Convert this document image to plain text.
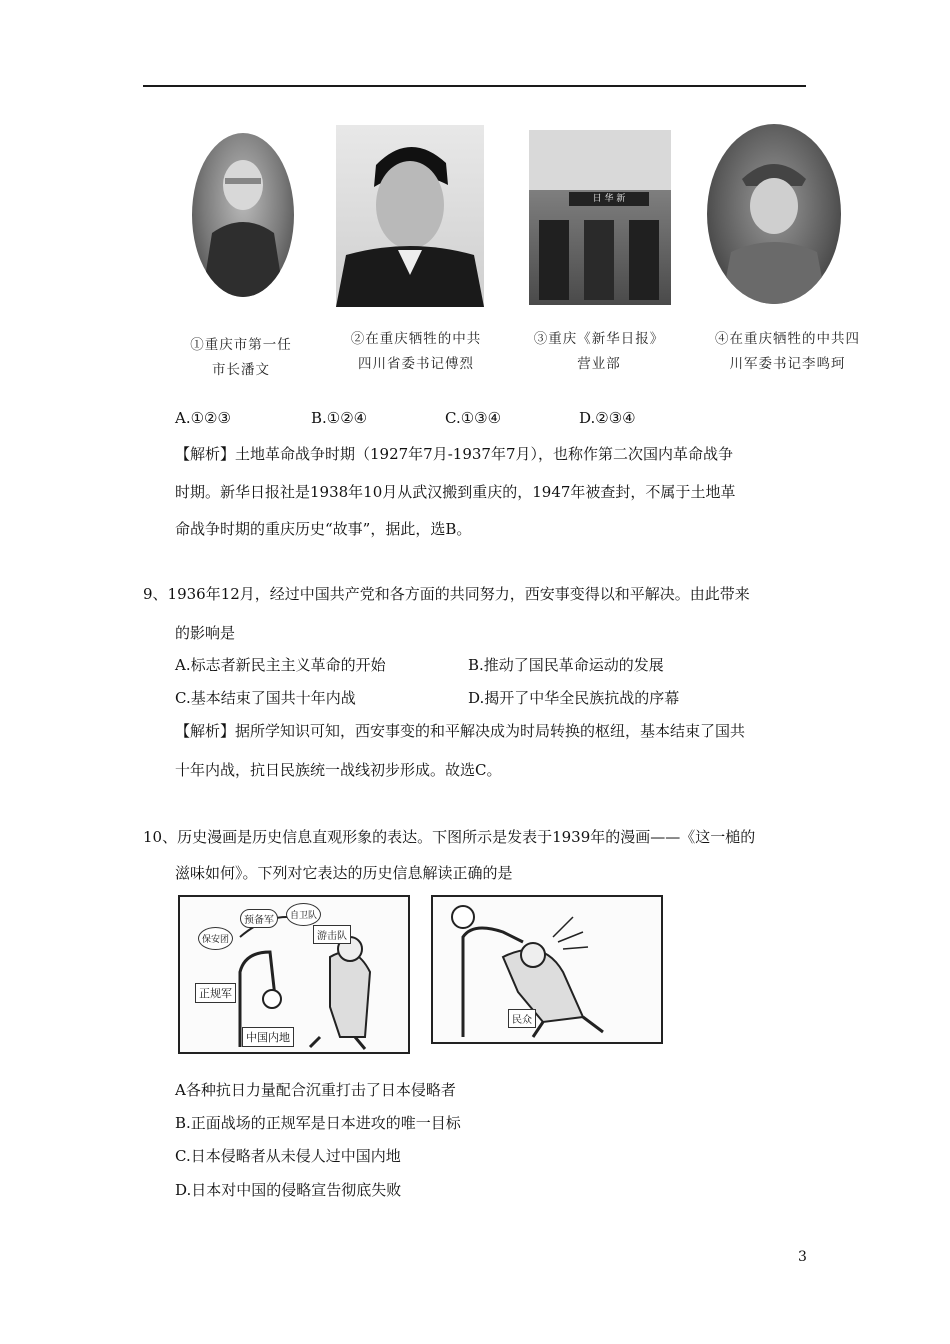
日 华 新
①重庆市第一任
市长潘文
②在重庆牺牲的中共
四川省委书记傅烈
③重庆《新华日报》
营业部
④在重庆牺牲的中共四
川军委书记李鸣珂
A.①②③	B.①②④	C.①③④	D.②③④
【解析】土地革命战争时期（1927年7月-1937年7月），也称作第二次国内革命战争
时期。新华日报社是1938年10月从武汉搬到重庆的，1947年被查封，不属于土地革
命战争时期的重庆历史“故事”，据此，选B。
9、1936年12月，经过中国共产党和各方面的共同努力，西安事变得以和平解决。由此带来
的影响是
A.标志者新民主主义革命的开始	B.推动了国民革命运动的发展
C.基本结束了国共十年内战	D.揭开了中华全民族抗战的序幕
【解析】据所学知识可知，西安事变的和平解决成为时局转换的枢纽，基本结束了国共
十年内战，抗日民族统一战线初步形成。故选C。
10、历史漫画是历史信息直观形象的表达。下图所示是发表于1939年的漫画——《这一槌的
滋味如何》。下列对它表达的历史信息解读正确的是
预备军
保安团
自卫队
游击队
正规军
中国内地
民众
A各种抗日力量配合沉重打击了日本侵略者
B.正面战场的正规军是日本进攻的唯一目标
C.日本侵略者从未侵人过中国内地
D.日本对中国的侵略宣告彻底失败
3
